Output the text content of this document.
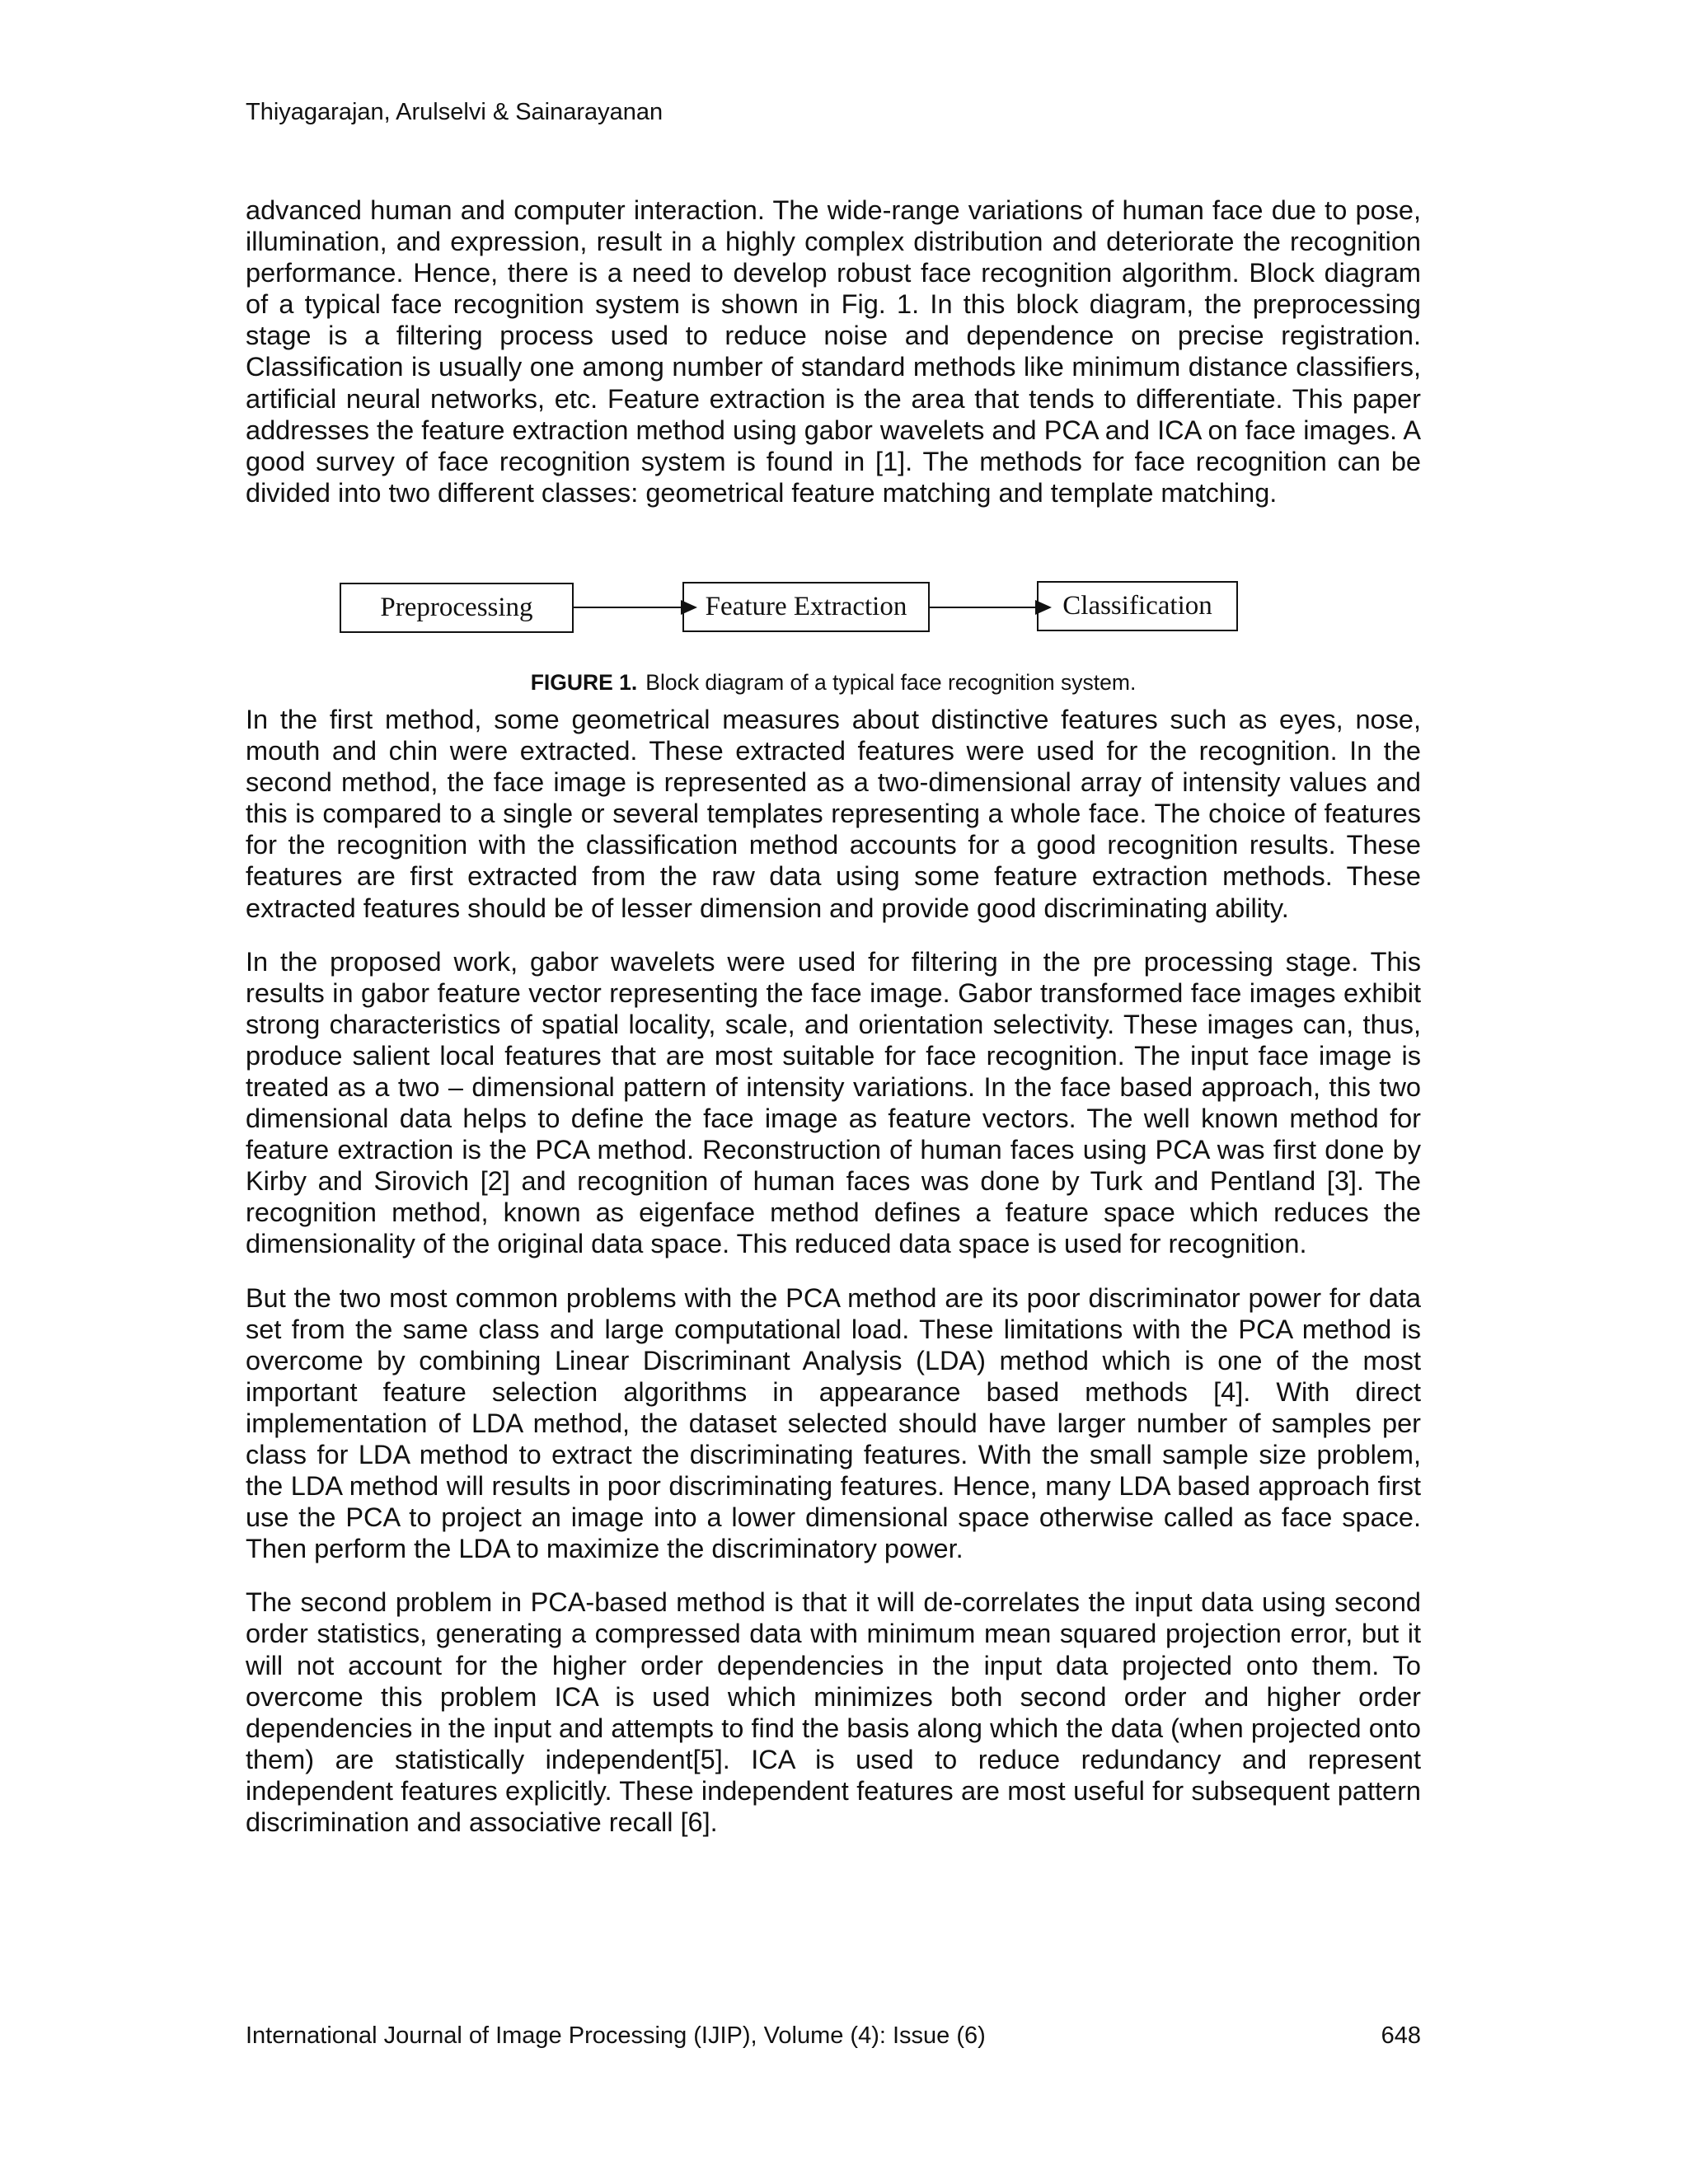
Thiyagarajan, Arulselvi & Sainarayanan

advanced human and computer interaction. The wide-range variations of human face due to pose, illumination, and expression, result in a highly complex distribution and deteriorate the recognition performance. Hence, there is a need to develop robust face recognition algorithm. Block diagram of a typical face recognition system is shown in Fig. 1. In this block diagram, the preprocessing stage is a filtering process used to reduce noise and dependence on precise registration. Classification is usually one among number of standard methods like minimum distance classifiers, artificial neural networks, etc. Feature extraction is the area that tends to differentiate. This paper addresses the feature extraction method using gabor wavelets and PCA and ICA on face images. A good survey of face recognition system is found in [1]. The methods for face recognition can be divided into two different classes: geometrical feature matching and template matching.

In the first method, some geometrical measures about distinctive features such as eyes, nose, mouth and chin were extracted. These extracted features were used for the recognition. In the second method, the face image is represented as a two-dimensional array of intensity values and this is compared to a single or several templates representing a whole face. The choice of features for the recognition with the classification method accounts for a good recognition results. These features are first extracted from the raw data using some feature extraction methods. These extracted features should be of lesser dimension and provide good discriminating ability.

In the proposed work, gabor wavelets were used for filtering in the pre processing stage. This results in gabor feature vector representing the face image. Gabor transformed face images exhibit strong characteristics of spatial locality, scale, and orientation selectivity. These images can, thus, produce salient local features that are most suitable for face recognition. The input face image is treated as a two – dimensional pattern of intensity variations. In the face based approach, this two dimensional data helps to define the face image as feature vectors. The well known method for feature extraction is the PCA method. Reconstruction of human faces using PCA was first done by Kirby and Sirovich [2] and recognition of human faces was done by Turk and Pentland [3]. The recognition method, known as eigenface method defines a feature space which reduces the dimensionality of the original data space. This reduced data space is used for recognition.

But the two most common problems with the PCA method are its poor discriminator power for data set from the same class and large computational load. These limitations with the PCA method is overcome by combining Linear Discriminant Analysis (LDA) method which is one of the most important feature selection algorithms in appearance based methods [4]. With direct implementation of LDA method, the dataset selected should have larger number of samples per class for LDA method to extract the discriminating features. With the small sample size problem, the LDA method will results in poor discriminating features. Hence, many LDA based approach first use the PCA to project an image into a lower dimensional space otherwise called as face space. Then perform the LDA to maximize the discriminatory power.

The second problem in PCA-based method is that it will de-correlates the input data using second order statistics, generating a compressed data with minimum mean squared projection error, but it will not account for the higher order dependencies in the input data projected onto them. To overcome this problem ICA is used which minimizes both second order and higher order dependencies in the input and attempts to find the basis along which the data (when projected onto them) are statistically independent[5]. ICA is used to reduce redundancy and represent independent features explicitly. These independent features are most useful for subsequent pattern discrimination and associative recall [6].

Preprocessing	Feature Extraction	Classification
FIGURE 1. Block diagram of a typical face recognition system.
International Journal of Image Processing (IJIP), Volume (4): Issue (6)	648
